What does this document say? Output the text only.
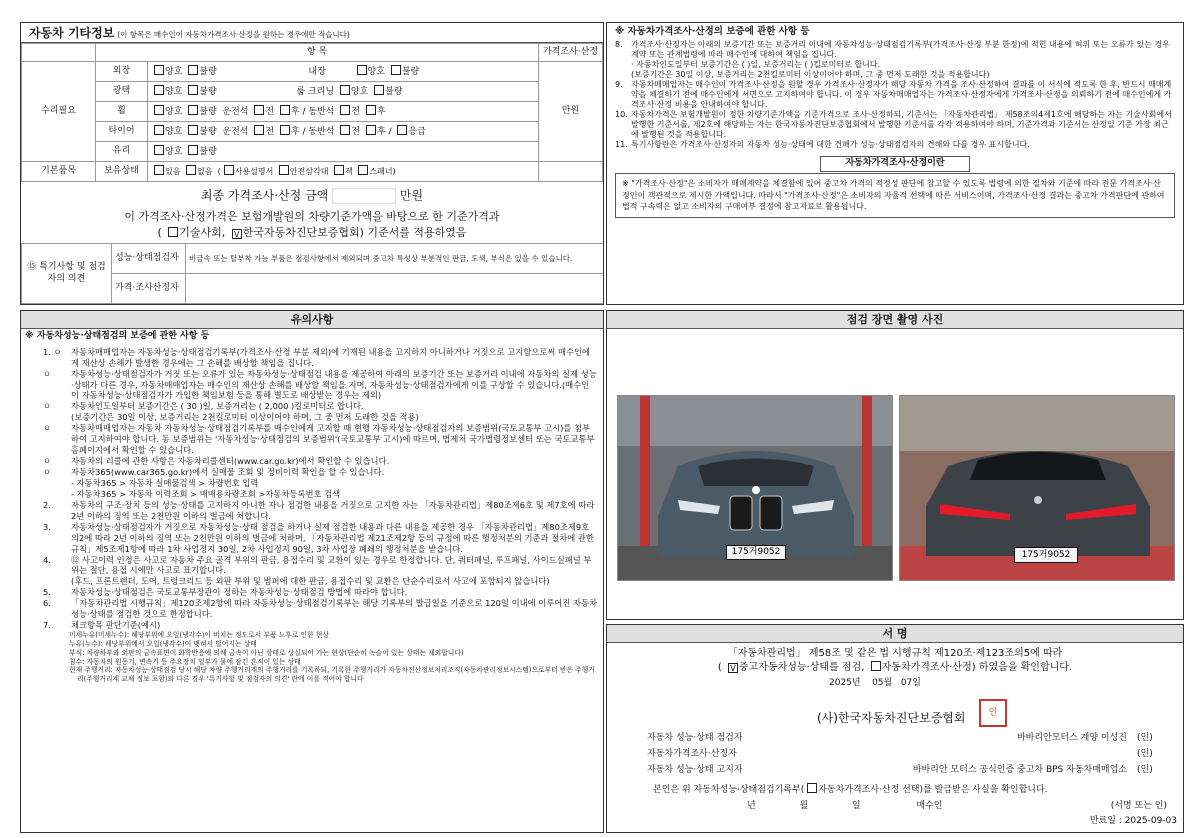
자동차 기타정보 (이 항목은 매수인이 자동차가격조사·산정을 원하는 경우에만 적습니다)
	항 목		가격조사·산정
수리필요	외장	양호 불량 내장 양호 불량	만원
	광택	양호 불량 룸 크리닝 양호 불량	
	휠	양호 불량 운전석 전 후 / 동반석 전 후	
	타이어	양호 불량 운전석 전 후 / 동반석 전 후 / 응급	
	유리	양호 불량	
기본품목	보유상태	있음 없음  ( 사용설명서 안전삼각대 잭 스패너)	
최종 가격조사·산정 금액	만원
이 가격조사·산정가격은 보험개발원의 차량기준가액을 바탕으로 한 기준가격과
( 기술사회, V 한국자동차진단보증협회) 기준서를 적용하였음
⑮ 특기사항 및 점검자의 의견	성능·상태점검자	비금속 또는 탈부착 가능 부품은 점검사항에서 제외되며 중고차 특성상 부분적인 판금, 도색, 부식은 있을 수 있습니다.
	가격·조사산정자	
※ 자동차가격조사·산정의 보증에 관한 사항 등
8.	가격조사·산정자는 아래의 보증기간 또는 보증거리 이내에 자동차성능·상태점검기록부(가격조사·산정 부분 한정)에 적힌 내용에 허위 또는 오류가 있는 경우 계약 또는 관계법령에 따라 매수인에 대하여 책임을 집니다.
· 자동차인도일부터 보증기간은 ( )일, 보증거리는 ( )킬로미터로 합니다.
(보증기간은 30일 이상, 보증거리는 2천킬로미터 이상이어야 하며, 그 중 먼저 도래한 것을 적용합니다)
9.	자동차매매업자는 매수인이 가격조사·산정을 원할 경우 가격조사·산정자가 해당 자동차 가격을 조사·산정하여 결과를 이 서식에 적도록 한 후, 반드시 매매계약을 체결하기 전에 매수인에게 서면으로 고지하여야 합니다. 이 경우 자동차매매업자는 가격조사·산정자에게 가격조사·산정을 의뢰하기 전에 매수인에게 가격조사·산정 비용을 안내하여야 합니다.
10. 자동차가격은 보험개발원이 정한 차량기준가액을 기준가격으로 조사·산정하되, 기준서는 「자동차관리법」 제58조의4제1호에 해당하는 자는 기술사회에서 발행한 기준서를, 제2호에 해당하는 자는 한국자동차진단보증협회에서 발행한 기준서를 각각 적용하여야 하며, 기준가격과 기준서는 산정일 기준 가장 최근에 발행된 것을 적용합니다.
11. 특기사항란은 가격조사·산정자의 자동차 성능·상태에 대한 견해가 성능·상태점검자의 견해와 다를 경우 표시합니다.
자동차가격조사·산정이란
※ "가격조사·산정"은 소비자가 매매계약을 체결함에 있어 중고차 가격의 적정성 판단에 참고할 수 있도록 법령에 의한 절차와 기준에 따라 전문 가격조사·산정인이 객관적으로 제시한 가액입니다. 따라서 "가격조사·산정"은 소비자의 자율적 선택에 따른 서비스이며, 가격조사·산정 결과는 중고차 가격판단에 관하여 법적 구속력은 없고 소비자의 구매여부 결정에 참고자료로 활용됩니다.
유의사항
※ 자동차성능·상태점검의 보증에 관한 사항 등
1. ㅇ	자동차매매업자는 자동차성능·상태점검기록부(가격조사·산정 부분 제외)에 기재된 내용을 고지하지 아니하거나 거짓으로 고지함으로써 매수인에게 재산상 손해가 발생한 경우에는 그 손해를 배상할 책임을 집니다.
ㅇ	자동차성능·상태점검자가 거짓 또는 오류가 있는 자동차성능·상태점검 내용을 제공하여 아래의 보증기간 또는 보증거리 이내에 자동차의 실제 성능·상태가 다른 경우, 자동차매매업자는 매수인의 재산상 손해를 배상할 책임을 지며, 자동차성능·상태점검자에게 이를 구상할 수 있습니다.(매수인이 자동차성능·상태점검자가 가입한 책임보험 등을 통해 별도로 배상받는 경우는 제외)
ㅇ	자동차인도일부터 보증기간은 ( 30 )일, 보증거리는 ( 2,000 )킬로미터로 합니다.
(보증기간은 30일 이상, 보증거리는 2천킬로미터 이상이어야 하며, 그 중 먼저 도래한 것을 적용)
ㅇ	자동차매매업자는 자동차 자동차성능·상태점검기록부를 매수인에게 고지할 때 현행 자동차성능·상태점검자의 보증범위(국토교통부 고시)를 첨부하여 고지하여야 합니다. 동 보증범위는 '자동차성능·상태점검의 보증범위'(국토교통부 고시)에 따르며, 법제처 국가법령정보센터 또는 국토교통부 홈페이지에서 확인할 수 있습니다.
ㅇ	자동차의 리콜에 관한 사항은 자동차리콜센터(www.car.go.kr)에서 확인할 수 있습니다.
ㅇ	자동차365(www.car365.go.kr)에서 실매물 조회 및 정비이력 확인을 할 수 있습니다.
- 자동차365 > 자동차 실매물검색 > 차량번호 입력
- 자동차365 > 자동차 이력조회 > 매매용차량조회 >자동차등록번호 검색
2.	자동차의 구조·장치 등의 성능·상태를 고지하지 아니한 자나 점검한 내용을 거짓으로 고지한 자는 「자동차관리법」제80조제6호 및 제7호에 따라 2년 이하의 징역 또는 2천만원 이하의 벌금에 처합니다.
3.	자동차성능·상태점검자가 거짓으로 자동차성능·상태 점검을 하거나 실제 점검한 내용과 다른 내용을 제공한 경우 「자동차관리법」제80조제9호의2에 따라 2년 이하의 징역 또는 2천만원 이하의 벌금에 처하며, 「자동차관리법 제21조제2항 등의 규정에 따른 행정처분의 기준과 절차에 관한 규칙」제5조제1항에 따라 1차 사업정지 30일, 2차 사업정지 90일, 3차 사업장 폐쇄의 행정처분을 받습니다.
4.	⑫ 사고이력 인정은 사고로 자동차 주요 골격 부위의 판금, 용접수리 및 교환이 있는 경우로 한정합니다. 단, 쿼터패널, 루프패널, 사이드실패널 부위는 절단, 용접 시에만 사고로 표기합니다.
(후드, 프론트펜더, 도어, 트렁크리드 등 외판 부위 및 범퍼에 대한 판금, 용접수리 및 교환은 단순수리로서 사고에 포함되지 않습니다)
5.	자동차성능·상태점검은 국토교통부장관이 정하는 자동차성능·상태점검 방법에 따라야 합니다.
6.	「자동차관리법 시행규칙」제120조제2항에 따라 자동차성능·상태점검기록부는 해당 기록부의 발급일을 기준으로 120일 이내에 이루어진 자동차 성능·상태를 점검한 것으로 한정합니다.
7.	체크항목 판단기준(예시)
미세누유(미세누수): 해당부위에 오일(냉각수)이 비치는 정도로서 부품 노후로 인한 현상
누유(누수): 해당부위에서 오일(냉각수)이 맺혀서 떨어지는 상태
부식: 차량하부와 외판의 금속표면이 화학반응에 의해 금속이 아닌 상태로 상실되어 가는 현상(단순히 녹슬어 있는 상태는 제외합니다)
침수: 자동차의 원동기, 변속기 등 주요장치 일부가 물에 잠긴 흔적이 있는 상태
현재 주행거리: 자동차성능·상태점검 당시 해당 차량 주행거리계의 주행거리를 기록하되, 기록한 주행거리가 자동차전산정보처리조직(자동차관리정보시스템)으로부터 받은 주행거리(주행거리계 교체 정보 포함)와 다른 경우 '특기사항 및 점검자의 의견' 란에 이를 적어야 합니다
점검 장면 촬영 사진
175거9052	175거9052
서 명
「자동차관리법」 제58조 및 같은 법 시행규칙 제120조·제123조의5에 따라
( V 중고자동차성능·상태를 점검, 자동차가격조사·산정) 하였음을 확인합니다.
2025년 05월 07일
(사)한국자동차진단보증협회	인
자동차 성능·상태 점검자	바바리안모터스 계양 이성진	(인)
자동차가격조사·산정자	(인)
자동차 성능·상태 고지자	바바리안 모터스 공식인증 중고차 BPS 자동차매매업소	(인)
본인은 위 자동차성능·상태점검기록부( 자동차가격조사·산정 선택)를 발급받은 사실을 확인합니다.
년	월	일	매수인	(서명 또는 인)
만료일 : 2025-09-03
